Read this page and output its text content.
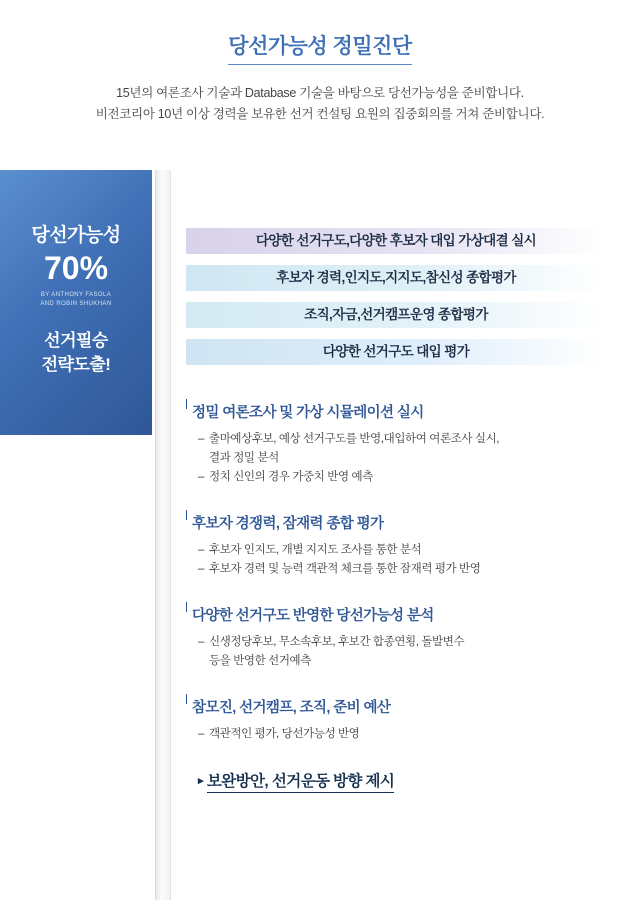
당선가능성 정밀진단
15년의 여론조사 기술과 Database 기술을 바탕으로 당선가능성을 준비합니다.
비전코리아 10년 이상 경력을 보유한 선거 컨설팅 요원의 집중회의를 거쳐 준비합니다.
당선가능성
70%
BY ANTHONY FASOLA
AND ROBIN SHUKHAN
선거필승
전략도출!
다양한 선거구도,다양한 후보자 대입 가상대결 실시
후보자 경력,인지도,지지도,참신성 종합평가
조직,자금,선거캠프운영 종합평가
다양한 선거구도 대입 평가
정밀 여론조사 및 가상 시뮬레이션 실시
– 출마예상후보, 예상 선거구도를 반영,대입하여 여론조사 실시,
결과 정밀 분석
– 정치 신인의 경우 가중치 반영 예측
후보자 경쟁력, 잠재력 종합 평가
– 후보자 인지도, 개별 지지도 조사를 통한 분석
– 후보자 경력 및 능력 객관적 체크를 통한 잠재력 평가 반영
다양한 선거구도 반영한 당선가능성 분석
– 신생정당후보, 무소속후보, 후보간 합종연횡, 돌발변수
등을 반영한 선거예측
참모진, 선거캠프, 조직, 준비 예산
– 객관적인 평가, 당선가능성 반영
▸ 보완방안, 선거운동 방향 제시
